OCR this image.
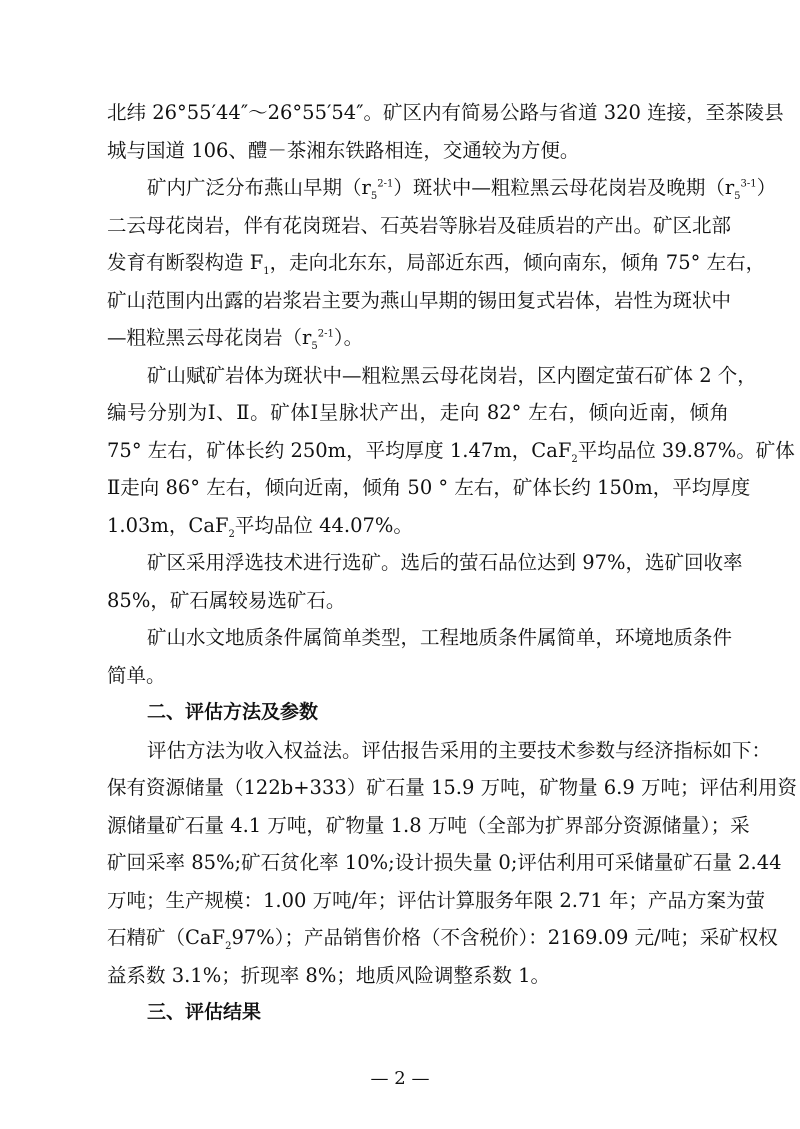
北纬 26°55′44″～26°55′54″。矿区内有简易公路与省道 320 连接，至茶陵县
城与国道 106、醴－茶湘东铁路相连，交通较为方便。
矿内广泛分布燕山早期$(r_5^{2-1})$斑状中—粗粒黑云母花岗岩及晚期$(r_5^{3-1})$
二云母花岗岩，伴有花岗斑岩、石英岩等脉岩及硅质岩的产出。矿区北部
发育有断裂构造 $F_1$，走向北东东，局部近东西，倾向南东，倾角 75° 左右，
矿山范围内出露的岩浆岩主要为燕山早期的锡田复式岩体，岩性为斑状中
—粗粒黑云母花岗岩$(r_5^{2-1})$。
矿山赋矿岩体为斑状中—粗粒黑云母花岗岩，区内圈定萤石矿体 2 个，
编号分别为Ⅰ、Ⅱ。矿体Ⅰ呈脉状产出，走向 82° 左右，倾向近南，倾角
75° 左右，矿体长约 250m，平均厚度 1.47m，CaF$_2$平均品位 39.87%。矿体
Ⅱ走向 86° 左右，倾向近南，倾角 50 ° 左右，矿体长约 150m，平均厚度
1.03m，CaF$_2$平均品位 44.07%。
矿区采用浮选技术进行选矿。选后的萤石品位达到 97%，选矿回收率
85%，矿石属较易选矿石。
矿山水文地质条件属简单类型，工程地质条件属简单，环境地质条件
简单。
二、评估方法及参数
评估方法为收入权益法。评估报告采用的主要技术参数与经济指标如下：
保有资源储量（122b+333）矿石量 15.9 万吨，矿物量 6.9 万吨；评估利用资
源储量矿石量 4.1 万吨，矿物量 1.8 万吨（全部为扩界部分资源储量）；采
矿回采率 85%;矿石贫化率 10%;设计损失量 0;评估利用可采储量矿石量 2.44
万吨；生产规模：1.00 万吨/年；评估计算服务年限 2.71 年；产品方案为萤
石精矿（CaF$_2$97%）；产品销售价格（不含税价）：2169.09 元/吨；采矿权权
益系数 3.1%；折现率 8%；地质风险调整系数 1。
三、评估结果
— 2 —
